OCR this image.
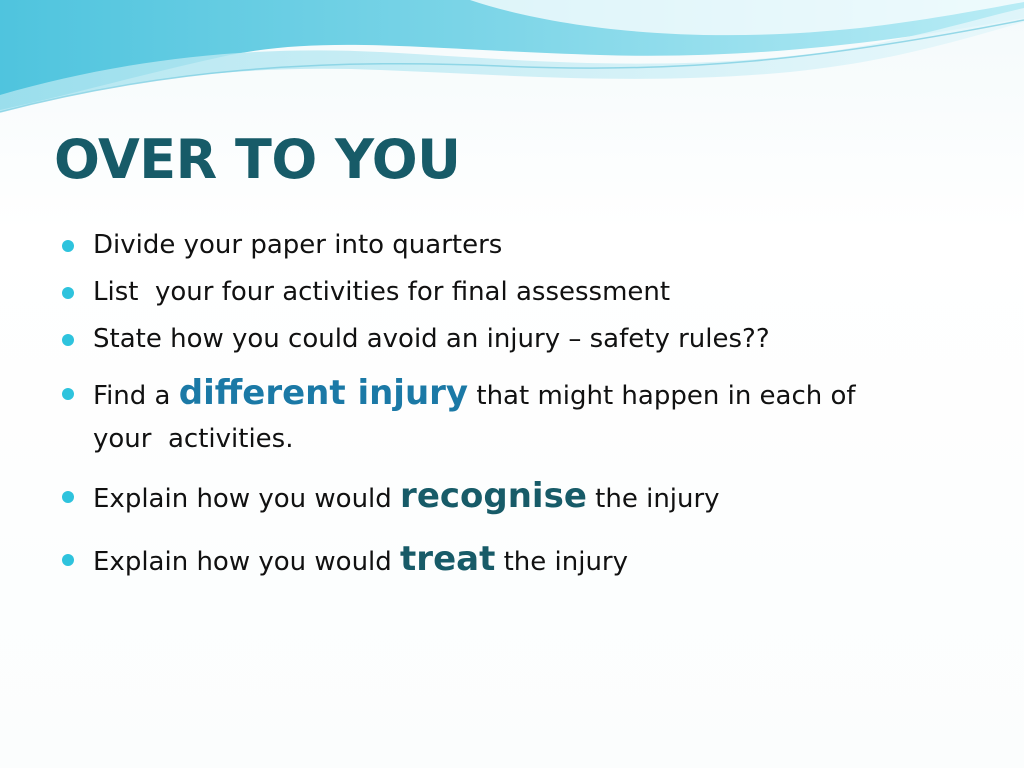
OVER TO YOU
Divide your paper into quarters
List  your four activities for final assessment
State how you could avoid an injury – safety rules??
Find a different injury that might happen in each of
your  activities.
Explain how you would recognise the injury
Explain how you would treat the injury
